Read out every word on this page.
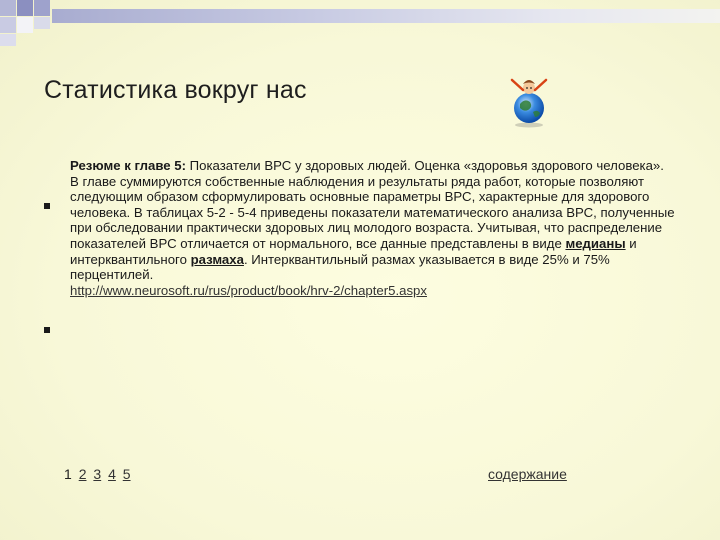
Статистика вокруг нас

Резюме к главе 5: Показатели ВРС у здоровых людей. Оценка «здоровья здорового человека».

В главе суммируются собственные наблюдения и результаты ряда работ, которые позволяют следующим образом сформулировать основные параметры ВРС, характерные для здорового человека. В таблицах 5-2 - 5-4 приведены показатели математического анализа ВРС, полученные при обследовании практически здоровых лиц молодого возраста. Учитывая, что распределение показателей ВРС отличается от нормального, все данные представлены в виде медианы и интерквантильного размаха. Интерквантильный размах указывается в виде 25% и 75% перцентилей.

http://www.neurosoft.ru/rus/product/book/hrv-2/chapter5.aspx

1 2 3 4 5	содержание
